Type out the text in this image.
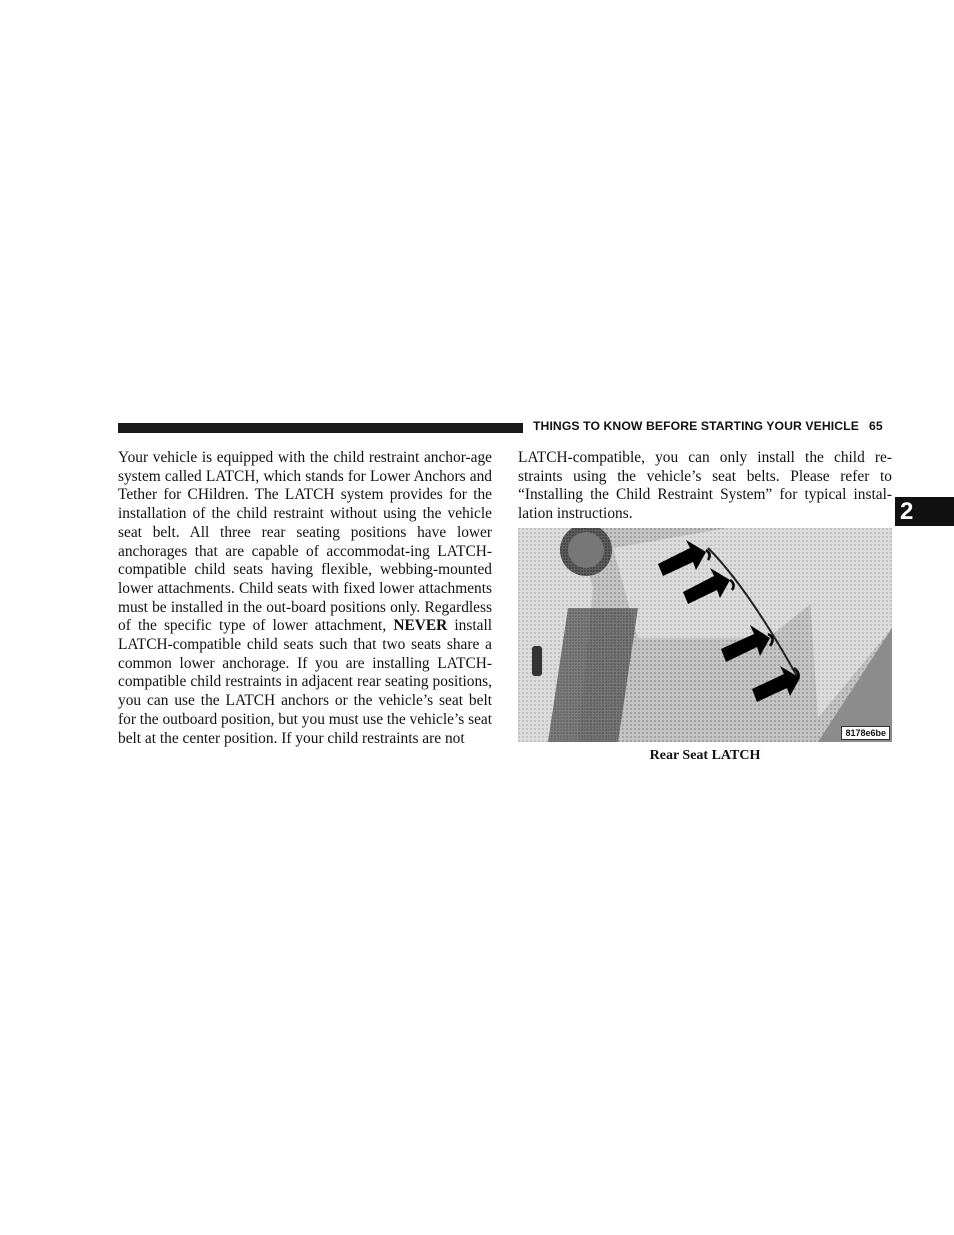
THINGS TO KNOW BEFORE STARTING YOUR VEHICLE 65
2

Your vehicle is equipped with the child restraint anchor-age system called LATCH, which stands for Lower Anchors and Tether for CHildren. The LATCH system provides for the installation of the child restraint without using the vehicle seat belt. All three rear seating positions have lower anchorages that are capable of accommodat-ing LATCH-compatible child seats having flexible, webbing-mounted lower attachments. Child seats with fixed lower attachments must be installed in the out-board positions only. Regardless of the specific type of lower attachment, NEVER install LATCH-compatible child seats such that two seats share a common lower anchorage. If you are installing LATCH-compatible child restraints in adjacent rear seating positions, you can use the LATCH anchors or the vehicle’s seat belt for the outboard position, but you must use the vehicle’s seat belt at the center position. If your child restraints are not

LATCH-compatible, you can only install the child re-straints using the vehicle’s seat belts. Please refer to “Installing the Child Restraint System” for typical instal-lation instructions.

8178e6be
Rear Seat LATCH
